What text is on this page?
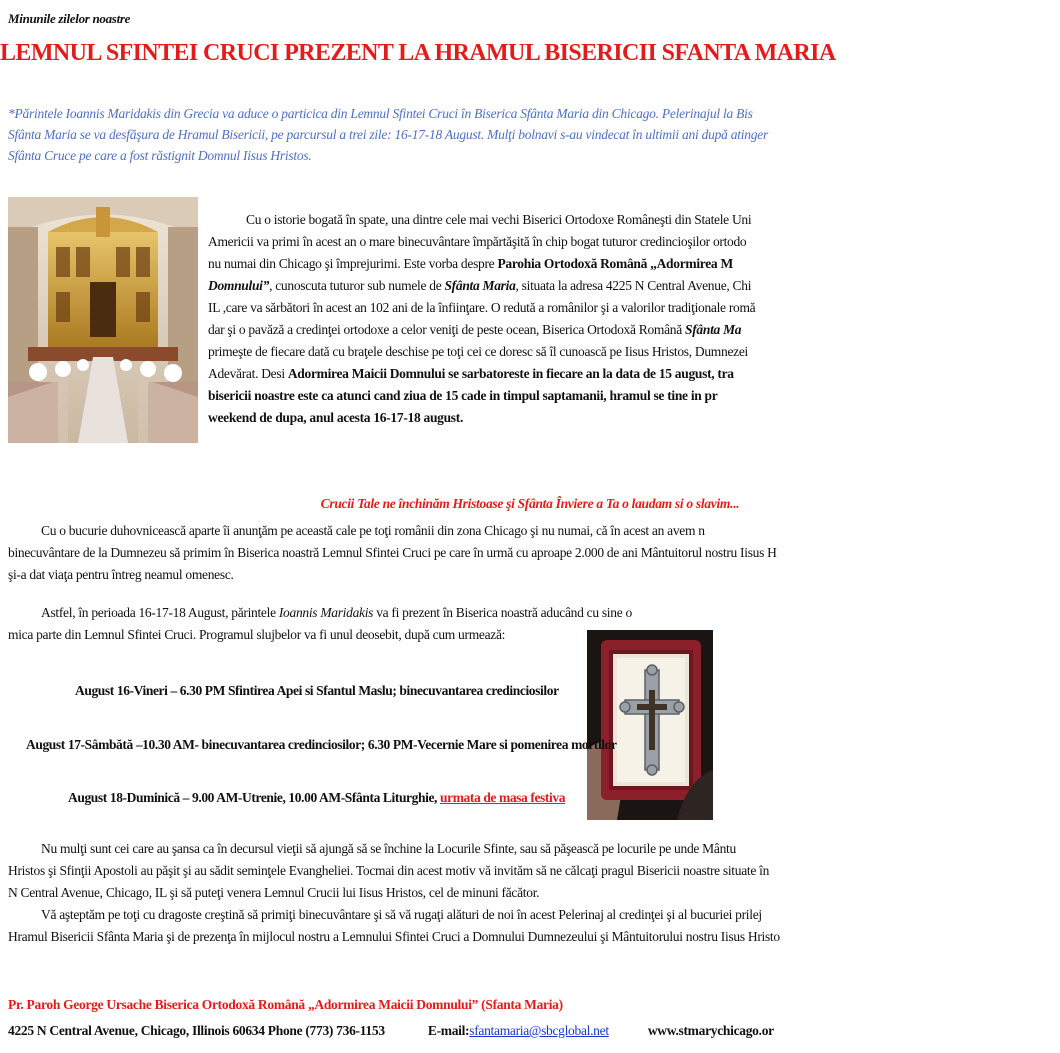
Minunile zilelor noastre
LEMNUL SFINTEI CRUCI PREZENT LA HRAMUL BISERICII SFANTA MARIA
*Părintele Ioannis Maridakis din Grecia va aduce o particica din Lemnul Sfintei Cruci în Biserica Sfânta Maria din Chicago. Pelerinajul la Bis
Sfânta Maria se va desfăşura de Hramul Bisericii, pe parcursul a trei zile: 16-17-18 August. Mulţi bolnavi s-au vindecat în ultimii ani după atinger
Sfânta Cruce pe care a fost răstignit Domnul Iisus Hristos.
Cu o istorie bogată în spate, una dintre cele mai vechi Biserici Ortodoxe Româneşti din Statele Uni
Americii va primi în acest an o mare binecuvântare împărtăşită în chip bogat tuturor credincioşilor ortodo
nu numai din Chicago şi împrejurimi. Este vorba despre Parohia Ortodoxă Română „Adormirea M
Domnului”, cunoscuta tuturor sub numele de Sfânta Maria, situata la adresa 4225 N Central Avenue, Chi
IL ,care va sărbători în acest an 102 ani de la înfiinţare. O redută a românilor şi a valorilor tradiţionale romă
dar şi o pavăză a credinţei ortodoxe a celor veniţi de peste ocean, Biserica Ortodoxă Română Sfânta Ma
primeşte de fiecare dată cu braţele deschise pe toţi cei ce doresc să îl cunoască pe Iisus Hristos, Dumnezei
Adevărat. Desi Adormirea Maicii Domnului se sarbatoreste in fiecare an la data de 15 august, tra
bisericii noastre este ca atunci cand ziua de 15 cade in timpul saptamanii, hramul se tine in pr
weekend de dupa, anul acesta 16-17-18 august.
Crucii Tale ne închinăm Hristoase şi Sfânta Înviere a Ta o laudam si o slavim...
Cu o bucurie duhovnicească aparte îi anunţăm pe această cale pe toţi românii din zona Chicago şi nu numai, că în acest an avem n
binecuvântare de la Dumnezeu să primim în Biserica noastră Lemnul Sfintei Cruci pe care în urmă cu aproape 2.000 de ani Mântuitorul nostru Iisus H
şi-a dat viaţa pentru întreg neamul omenesc.
Astfel, în perioada 16-17-18 August, părintele Ioannis Maridakis va fi prezent în Biserica noastră aducând cu sine o
mica parte din Lemnul Sfintei Cruci. Programul slujbelor va fi unul deosebit, după cum urmează:
August 16-Vineri – 6.30 PM Sfintirea Apei si Sfantul Maslu; binecuvantarea credinciosilor
August 17-Sâmbătă –10.30 AM- binecuvantarea credinciosilor; 6.30 PM-Vecernie Mare si pomenirea mortilor
August 18-Duminică – 9.00 AM-Utrenie, 10.00 AM-Sfânta Liturghie, urmata de masa festiva
Nu mulţi sunt cei care au şansa ca în decursul vieţii să ajungă să se închine la Locurile Sfinte, sau să păşească pe locurile pe unde Mântu
Hristos şi Sfinţii Apostoli au păşit şi au sădit seminţele Evangheliei. Tocmai din acest motiv vă invităm să ne călcaţi pragul Bisericii noastre situate în
N Central Avenue, Chicago, IL şi să puteţi venera Lemnul Crucii lui Iisus Hristos, cel de minuni făcător.
Vă aşteptăm pe toţi cu dragoste creştină să primiţi binecuvântare şi să vă rugaţi alături de noi în acest Pelerinaj al credinţei şi al bucuriei prilej
Hramul Bisericii Sfânta Maria şi de prezenţa în mijlocul nostru a Lemnului Sfintei Cruci a Domnului Dumnezeului şi Mântuitorului nostru Iisus Hristo
Pr. Paroh George Ursache Biserica Ortodoxă Română „Adormirea Maicii Domnului” (Sfanta Maria)
4225 N Central Avenue, Chicago, Illinois 60634 Phone (773) 736-1153	E-mail:sfantamaria@sbcglobal.net	www.stmarychicago.or
